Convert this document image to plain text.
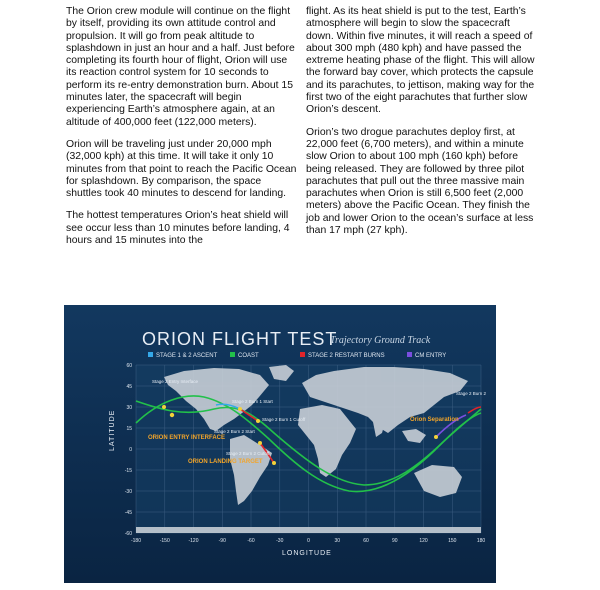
The Orion crew module will continue on the flight by itself, providing its own attitude control and propulsion. It will go from peak altitude to splashdown in just an hour and a half. Just before completing its fourth hour of flight, Orion will use its reaction control system for 10 seconds to perform its re-entry demonstration burn. About 15 minutes later, the spacecraft will begin experiencing Earth’s atmosphere again, at an altitude of 400,000 feet (122,000 meters).

Orion will be traveling just under 20,000 mph (32,000 kph) at this time. It will take it only 10 minutes from that point to reach the Pacific Ocean for splashdown. By comparison, the space shuttles took 40 minutes to descend for landing.

The hottest temperatures Orion’s heat shield will see occur less than 10 minutes before landing, 4 hours and 15 minutes into the

flight. As its heat shield is put to the test, Earth’s atmosphere will begin to slow the spacecraft down. Within five minutes, it will reach a speed of about 300 mph (480 kph) and have passed the extreme heating phase of the flight. This will allow the forward bay cover, which protects the capsule and its parachutes, to jettison, making way for the first two of the eight parachutes that further slow Orion’s descent.

Orion’s two drogue parachutes deploy first, at 22,000 feet (6,700 meters), and within a minute slow Orion to about 100 mph (160 kph) before being released. They are followed by three pilot parachutes that pull out the three massive main parachutes when Orion is still 6,500 feet (2,000 meters) above the Pacific Ocean. They finish the job and lower Orion to the ocean’s surface at less than 17 mph (27 kph).

ORION FLIGHT TEST
Trajectory Ground Track
STAGE 1 & 2 ASCENT	COAST	STAGE 2 RESTART BURNS	CM ENTRY
Stage 2 Entry Interface
Stage 2 Burn 1 Start
Stage 2 Burn 1 Cutoff
Stage 2 Burn 2 Start
Stage 2 Burn 2 Cutoff
Stage 2 Burn 2
Orion Separation
ORION ENTRY INTERFACE
ORION LANDING TARGET
LATITUDE
LONGITUDE
60
45
30
15
0
-15
-30
-45
-60
-180	-150	-120	-90	-60	-30	0	30	60	90	120	150	180
